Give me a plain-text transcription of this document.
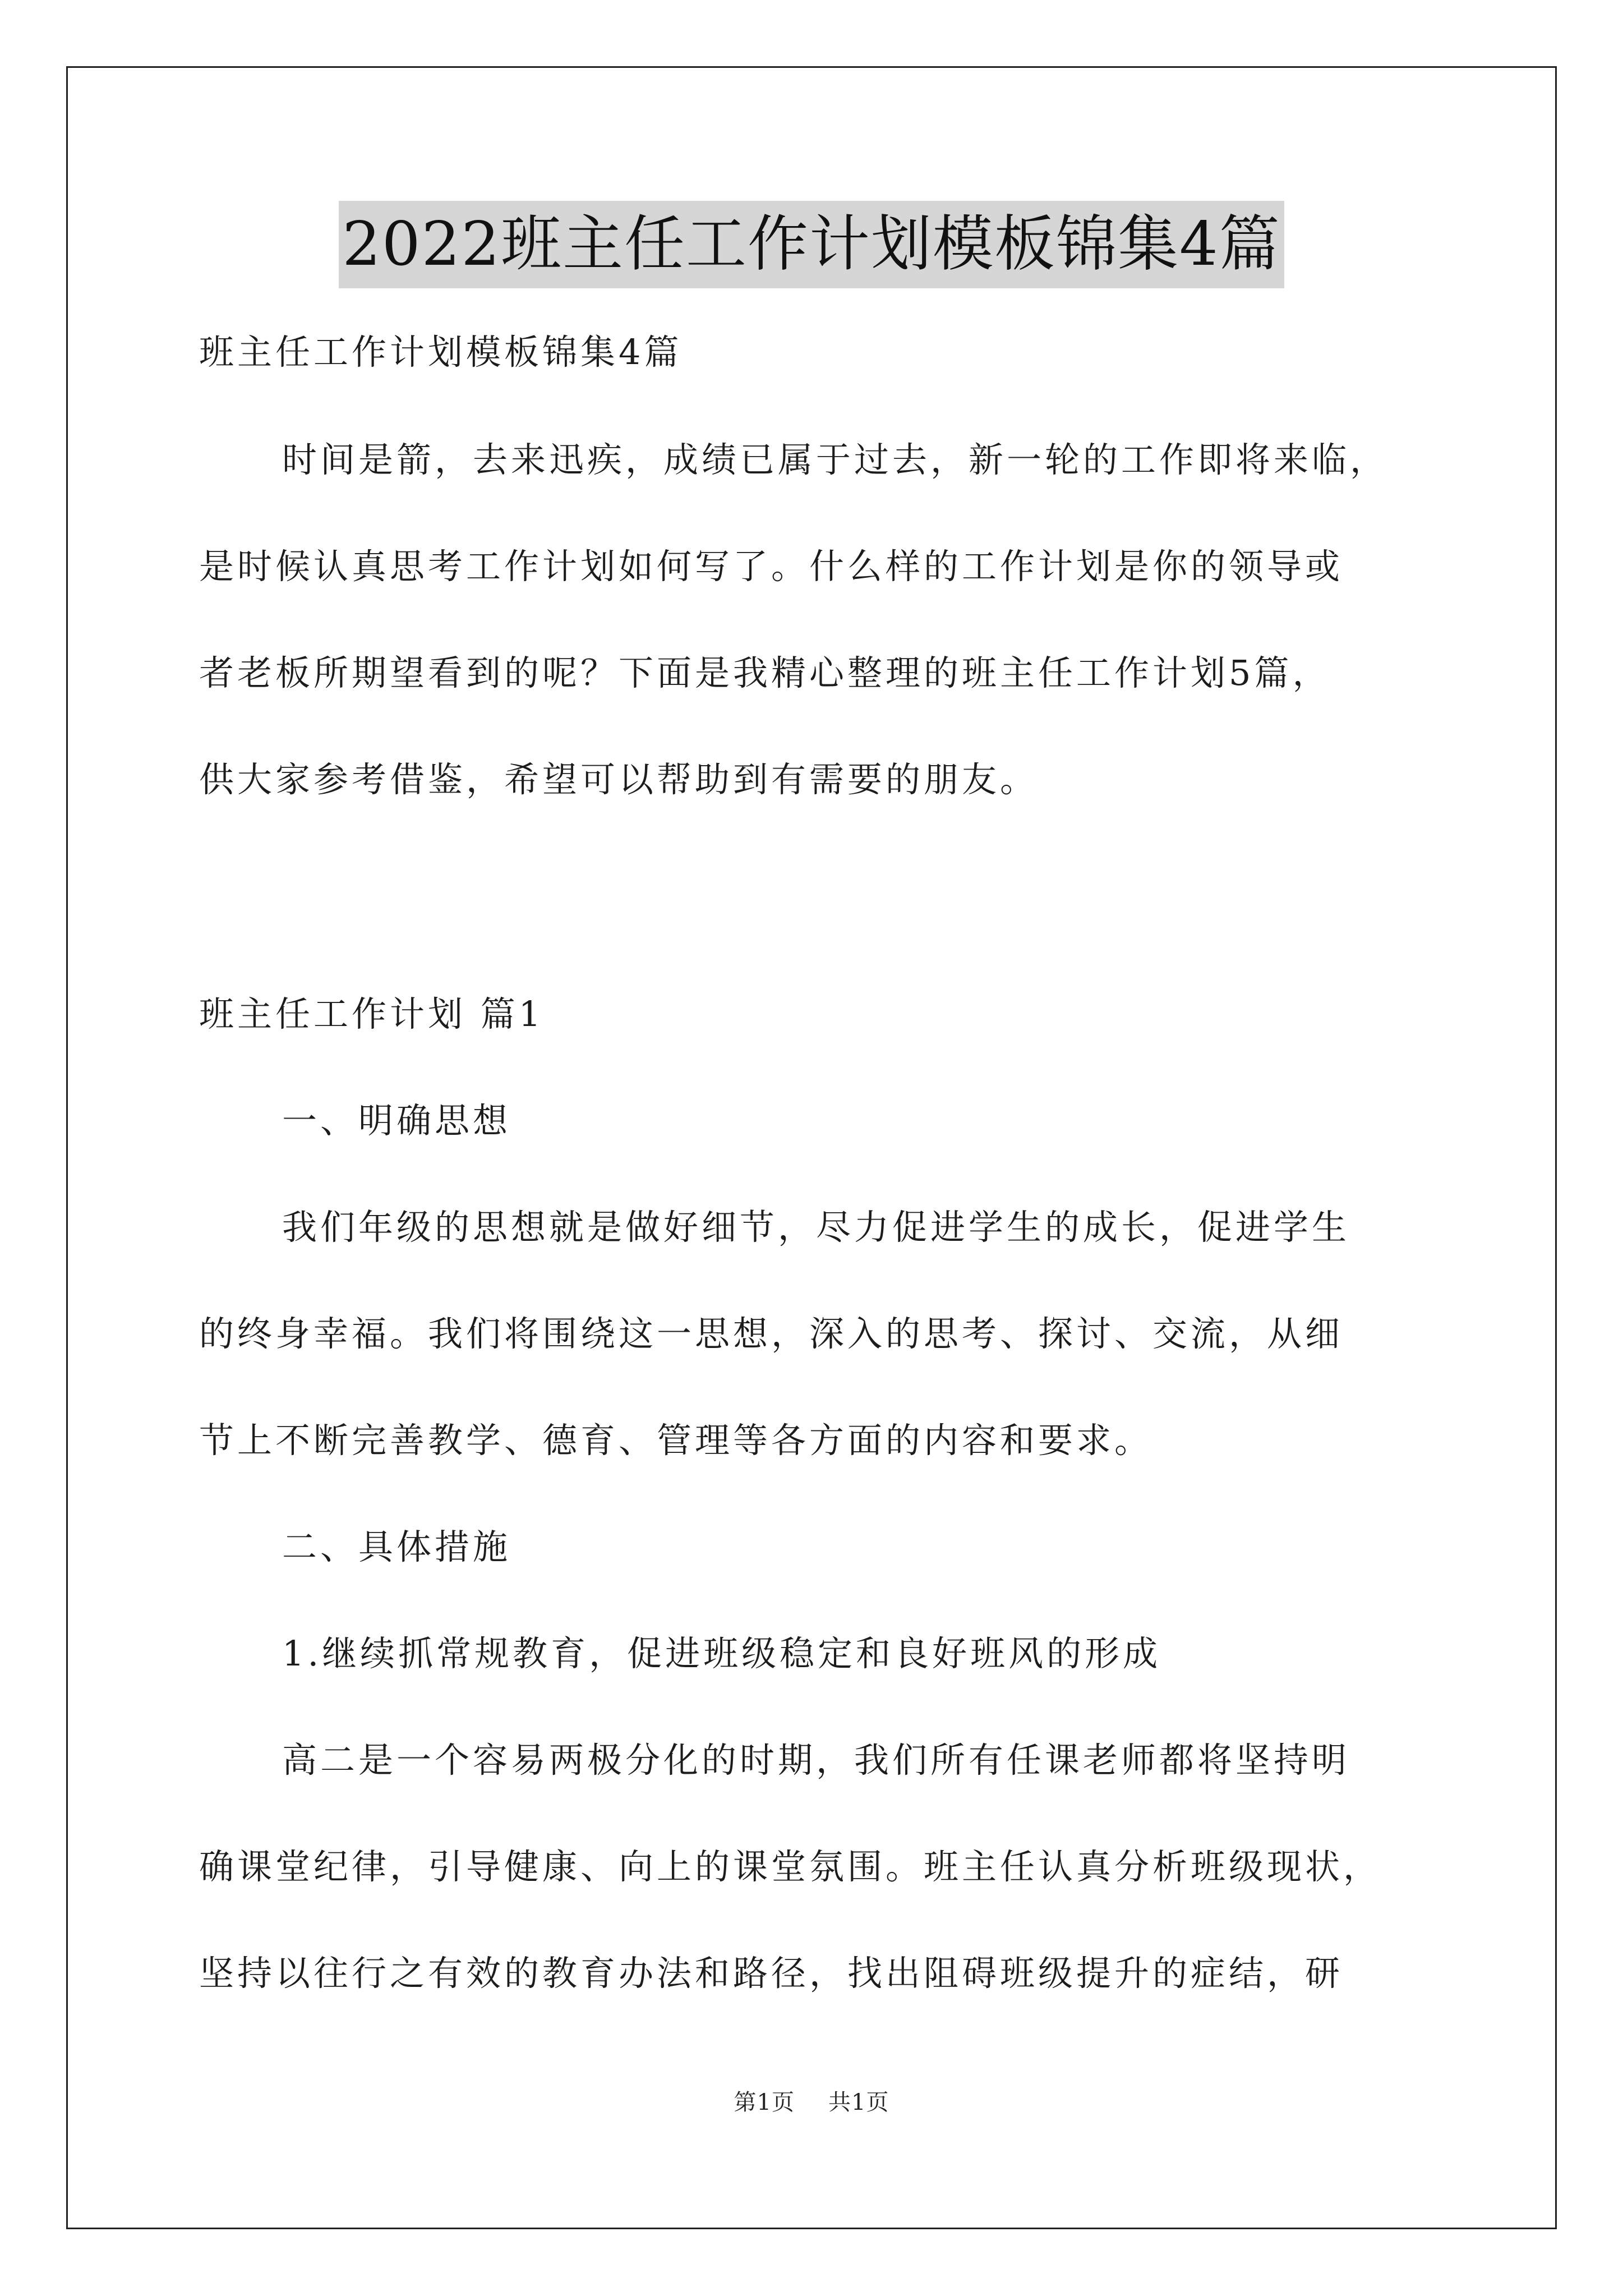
2022班主任工作计划模板锦集4篇
班主任工作计划模板锦集4篇
时间是箭，去来迅疾，成绩已属于过去，新一轮的工作即将来临，
是时候认真思考工作计划如何写了。什么样的工作计划是你的领导或
者老板所期望看到的呢？下面是我精心整理的班主任工作计划5篇，
供大家参考借鉴，希望可以帮助到有需要的朋友。
班主任工作计划 篇1
一、明确思想
我们年级的思想就是做好细节，尽力促进学生的成长，促进学生
的终身幸福。我们将围绕这一思想，深入的思考、探讨、交流，从细
节上不断完善教学、德育、管理等各方面的内容和要求。
二、具体措施
1.继续抓常规教育，促进班级稳定和良好班风的形成
高二是一个容易两极分化的时期，我们所有任课老师都将坚持明
确课堂纪律，引导健康、向上的课堂氛围。班主任认真分析班级现状，
坚持以往行之有效的教育办法和路径，找出阻碍班级提升的症结，研
第1页 共1页
